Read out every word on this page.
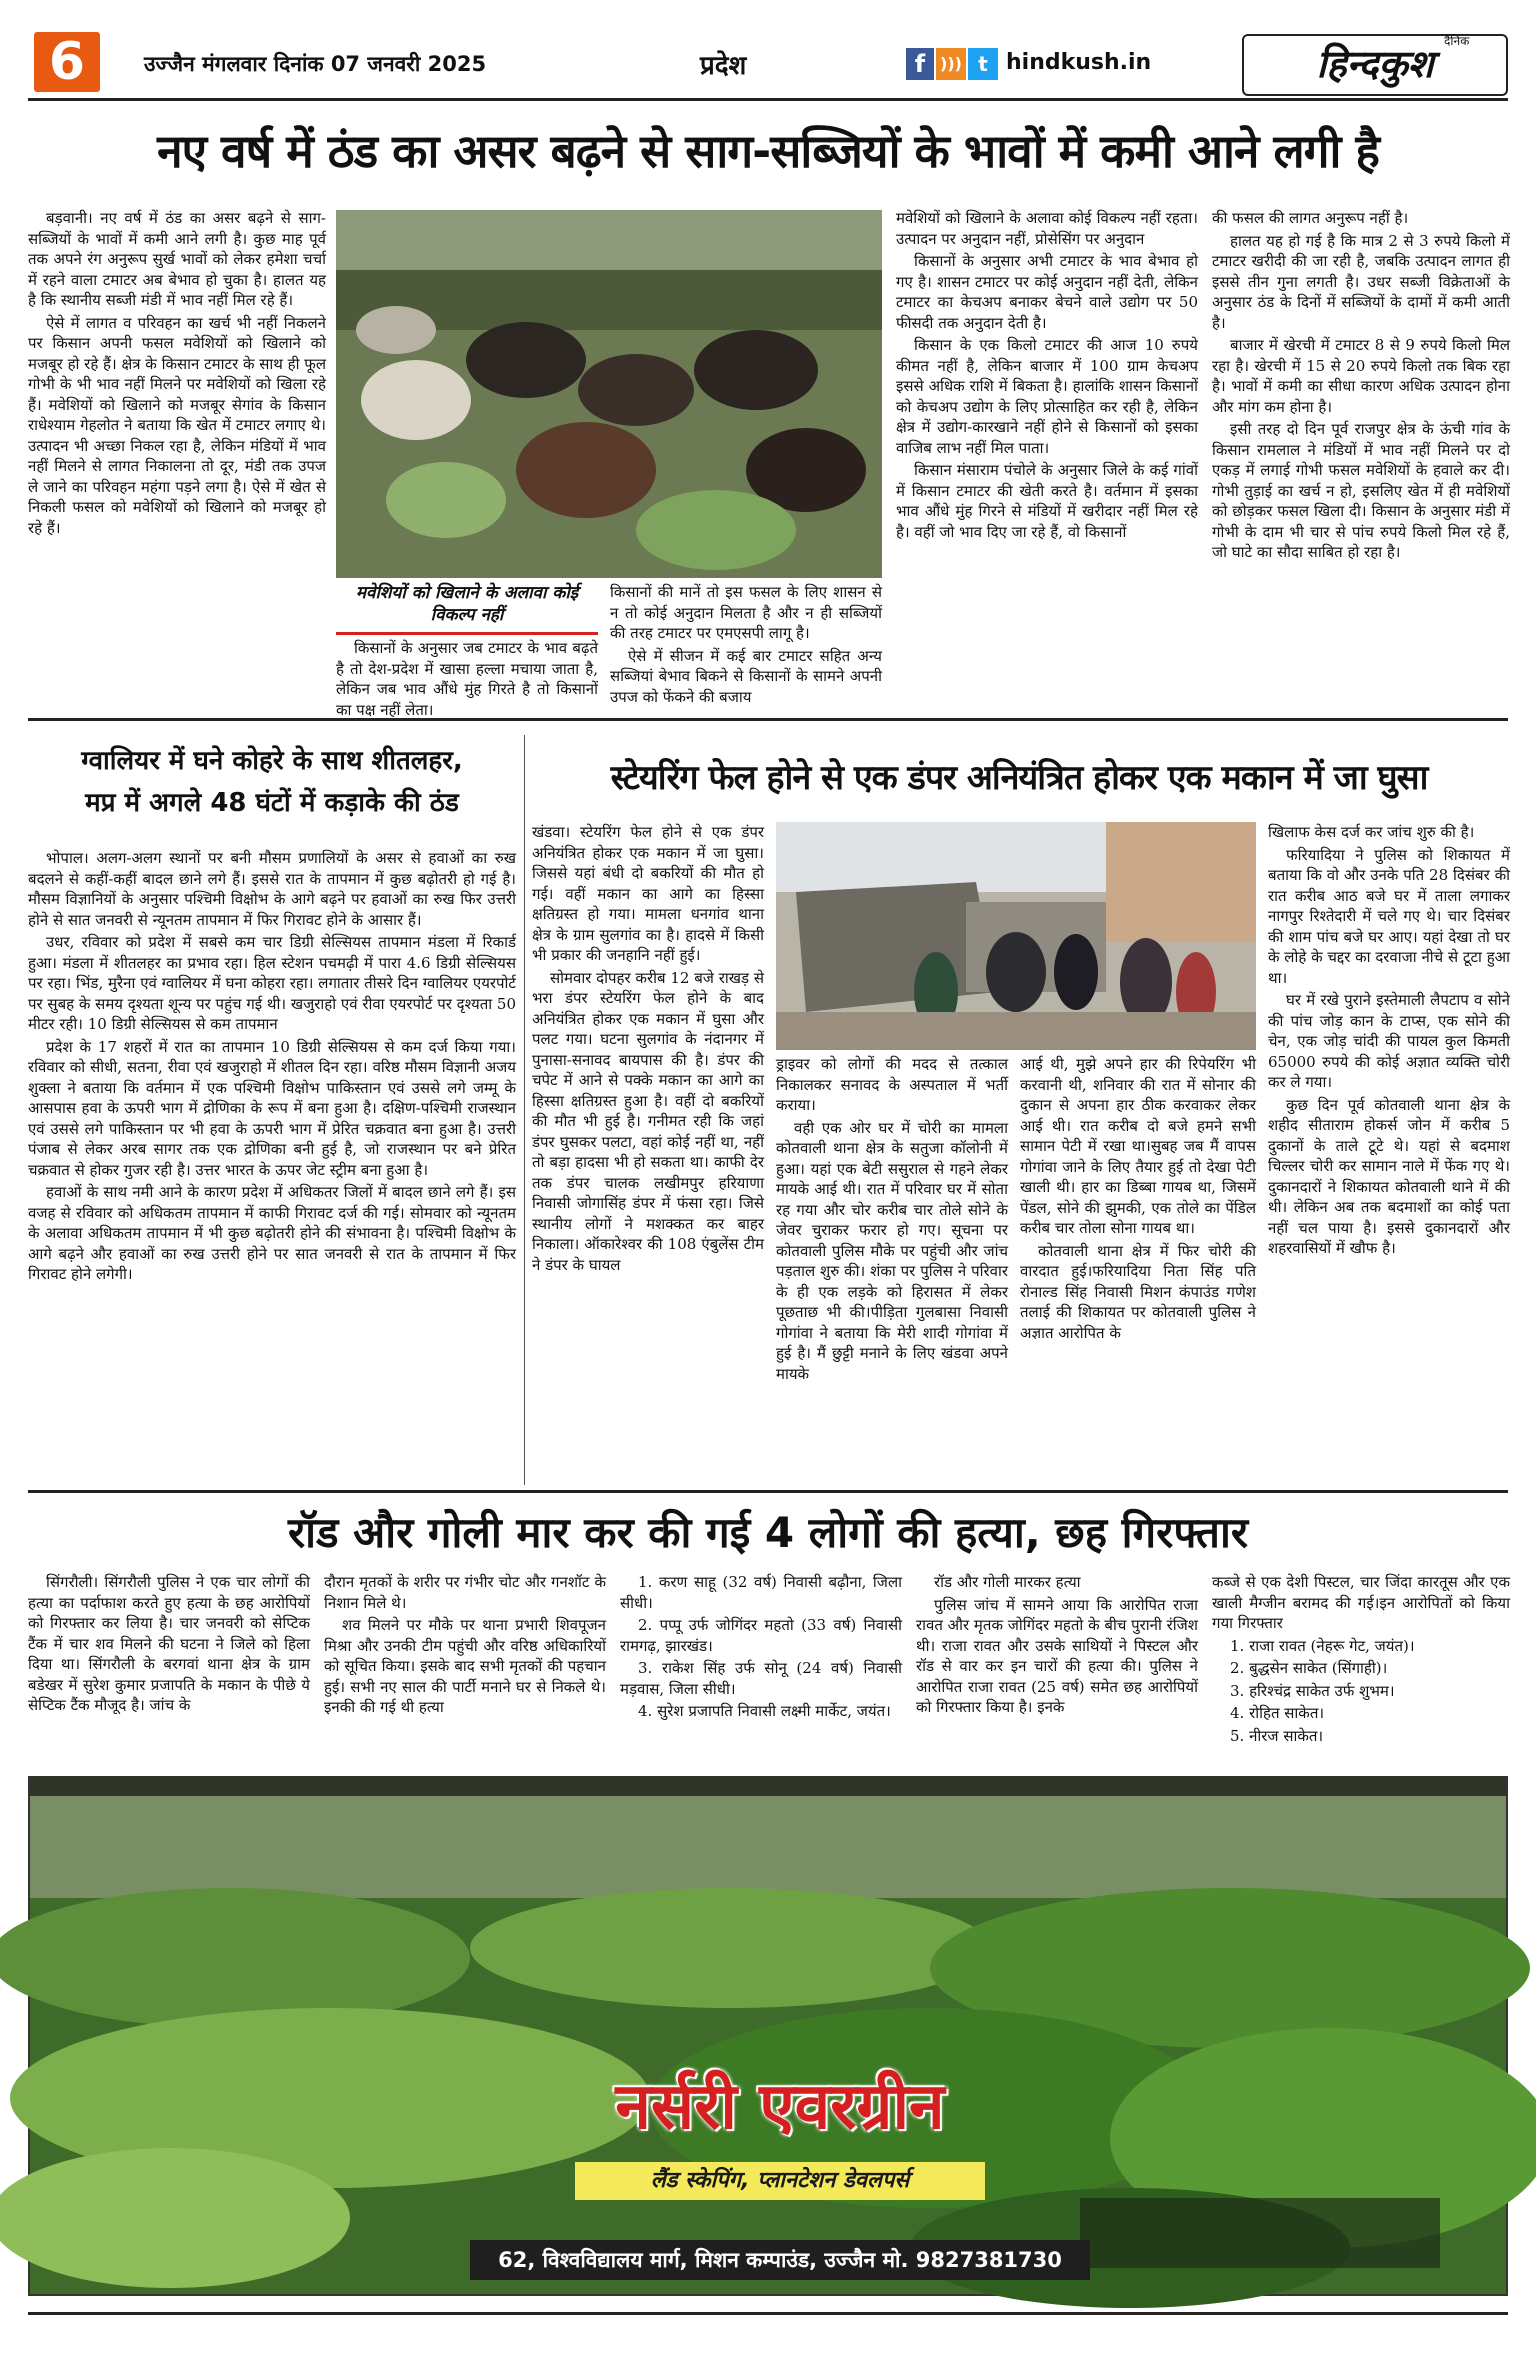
6	उज्जैन मंगलवार दिनांक 07 जनवरी 2025	प्रदेश	f ))) t hindkush.in
दैनिक
हिन्दकुश
नए वर्ष में ठंड का असर बढ़ने से साग-सब्जियों के भावों में कमी आने लगी है

बड़वानी। नए वर्ष में ठंड का असर बढ़ने से साग-सब्जियों के भावों में कमी आने लगी है। कुछ माह पूर्व तक अपने रंग अनुरूप सुर्ख भावों को लेकर हमेशा चर्चा में रहने वाला टमाटर अब बेभाव हो चुका है। हालत यह है कि स्थानीय सब्जी मंडी में भाव नहीं मिल रहे हैं।

ऐसे में लागत व परिवहन का खर्च भी नहीं निकलने पर किसान अपनी फसल मवेशियों को खिलाने को मजबूर हो रहे हैं। क्षेत्र के किसान टमाटर के साथ ही फूल गोभी के भी भाव नहीं मिलने पर मवेशियों को खिला रहे हैं। मवेशियों को खिलाने को मजबूर सेगांव के किसान राधेश्याम गेहलोत ने बताया कि खेत में टमाटर लगाए थे। उत्पादन भी अच्छा निकल रहा है, लेकिन मंडियों में भाव नहीं मिलने से लागत निकालना तो दूर, मंडी तक उपज ले जाने का परिवहन महंगा पड़ने लगा है। ऐसे में खेत से निकली फसल को मवेशियों को खिलाने को मजबूर हो रहे हैं।

मवेशियों को खिलाने के अलावा कोई विकल्प नहीं

किसानों के अनुसार जब टमाटर के भाव बढ़ते है तो देश-प्रदेश में खासा हल्ला मचाया जाता है, लेकिन जब भाव औंधे मुंह गिरते है तो किसानों का पक्ष नहीं लेता।

किसानों की मानें तो इस फसल के लिए शासन से न तो कोई अनुदान मिलता है और न ही सब्जियों की तरह टमाटर पर एमएसपी लागू है।

ऐसे में सीजन में कई बार टमाटर सहित अन्य सब्जियां बेभाव बिकने से किसानों के सामने अपनी उपज को फेंकने की बजाय

मवेशियों को खिलाने के अलावा कोई विकल्प नहीं रहता। उत्पादन पर अनुदान नहीं, प्रोसेसिंग पर अनुदान

किसानों के अनुसार अभी टमाटर के भाव बेभाव हो गए है। शासन टमाटर पर कोई अनुदान नहीं देती, लेकिन टमाटर का केचअप बनाकर बेचने वाले उद्योग पर 50 फीसदी तक अनुदान देती है।

किसान के एक किलो टमाटर की आज 10 रुपये कीमत नहीं है, लेकिन बाजार में 100 ग्राम केचअप इससे अधिक राशि में बिकता है। हालांकि शासन किसानों को केचअप उद्योग के लिए प्रोत्साहित कर रही है, लेकिन क्षेत्र में उद्योग-कारखाने नहीं होने से किसानों को इसका वाजिब लाभ नहीं मिल पाता।

किसान मंसाराम पंचोले के अनुसार जिले के कई गांवों में किसान टमाटर की खेती करते है। वर्तमान में इसका भाव औंधे मुंह गिरने से मंडियों में खरीदार नहीं मिल रहे है। वहीं जो भाव दिए जा रहे हैं, वो किसानों

की फसल की लागत अनुरूप नहीं है।

हालत यह हो गई है कि मात्र 2 से 3 रुपये किलो में टमाटर खरीदी की जा रही है, जबकि उत्पादन लागत ही इससे तीन गुना लगती है। उधर सब्जी विक्रेताओं के अनुसार ठंड के दिनों में सब्जियों के दामों में कमी आती है।

बाजार में खेरची में टमाटर 8 से 9 रुपये किलो मिल रहा है। खेरची में 15 से 20 रुपये किलो तक बिक रहा है। भावों में कमी का सीधा कारण अधिक उत्पादन होना और मांग कम होना है।

इसी तरह दो दिन पूर्व राजपुर क्षेत्र के ऊंची गांव के किसान रामलाल ने मंडियों में भाव नहीं मिलने पर दो एकड़ में लगाई गोभी फसल मवेशियों के हवाले कर दी। गोभी तुड़ाई का खर्च न हो, इसलिए खेत में ही मवेशियों को छोड़कर फसल खिला दी। किसान के अनुसार मंडी में गोभी के दाम भी चार से पांच रुपये किलो मिल रहे हैं, जो घाटे का सौदा साबित हो रहा है।

ग्वालियर में घने कोहरे के साथ शीतलहर,
मप्र में अगले 48 घंटों में कड़ाके की ठंड

भोपाल। अलग-अलग स्थानों पर बनी मौसम प्रणालियों के असर से हवाओं का रुख बदलने से कहीं-कहीं बादल छाने लगे हैं। इससे रात के तापमान में कुछ बढ़ोतरी हो गई है। मौसम विज्ञानियों के अनुसार पश्चिमी विक्षोभ के आगे बढ़ने पर हवाओं का रुख फिर उत्तरी होने से सात जनवरी से न्यूनतम तापमान में फिर गिरावट होने के आसार हैं।

उधर, रविवार को प्रदेश में सबसे कम चार डिग्री सेल्सियस तापमान मंडला में रिकार्ड हुआ। मंडला में शीतलहर का प्रभाव रहा। हिल स्टेशन पचमढ़ी में पारा 4.6 डिग्री सेल्सियस पर रहा। भिंड, मुरैना एवं ग्वालियर में घना कोहरा रहा। लगातार तीसरे दिन ग्वालियर एयरपोर्ट पर सुबह के समय दृश्यता शून्य पर पहुंच गई थी। खजुराहो एवं रीवा एयरपोर्ट पर दृश्यता 50 मीटर रही। 10 डिग्री सेल्सियस से कम तापमान

प्रदेश के 17 शहरों में रात का तापमान 10 डिग्री सेल्सियस से कम दर्ज किया गया। रविवार को सीधी, सतना, रीवा एवं खजुराहो में शीतल दिन रहा। वरिष्ठ मौसम विज्ञानी अजय शुक्ला ने बताया कि वर्तमान में एक पश्चिमी विक्षोभ पाकिस्तान एवं उससे लगे जम्मू के आसपास हवा के ऊपरी भाग में द्रोणिका के रूप में बना हुआ है। दक्षिण-पश्चिमी राजस्थान एवं उससे लगे पाकिस्तान पर भी हवा के ऊपरी भाग में प्रेरित चक्रवात बना हुआ है। उत्तरी पंजाब से लेकर अरब सागर तक एक द्रोणिका बनी हुई है, जो राजस्थान पर बने प्रेरित चक्रवात से होकर गुजर रही है। उत्तर भारत के ऊपर जेट स्ट्रीम बना हुआ है।

हवाओं के साथ नमी आने के कारण प्रदेश में अधिकतर जिलों में बादल छाने लगे हैं। इस वजह से रविवार को अधिकतम तापमान में काफी गिरावट दर्ज की गई। सोमवार को न्यूनतम के अलावा अधिकतम तापमान में भी कुछ बढ़ोतरी होने की संभावना है। पश्चिमी विक्षोभ के आगे बढ़ने और हवाओं का रुख उत्तरी होने पर सात जनवरी से रात के तापमान में फिर गिरावट होने लगेगी।

स्टेयरिंग फेल होने से एक डंपर अनियंत्रित होकर एक मकान में जा घुसा

खंडवा। स्टेयरिंग फेल होने से एक डंपर अनियंत्रित होकर एक मकान में जा घुसा। जिससे यहां बंधी दो बकरियों की मौत हो गई। वहीं मकान का आगे का हिस्सा क्षतिग्रस्त हो गया। मामला धनगांव थाना क्षेत्र के ग्राम सुलगांव का है। हादसे में किसी भी प्रकार की जनहानि नहीं हुई।

सोमवार दोपहर करीब 12 बजे राखड़ से भरा डंपर स्टेयरिंग फेल होने के बाद अनियंत्रित होकर एक मकान में घुसा और पलट गया। घटना सुलगांव के नंदानगर में पुनासा-सनावद बायपास की है। डंपर की चपेट में आने से पक्के मकान का आगे का हिस्सा क्षतिग्रस्त हुआ है। वहीं दो बकरियों की मौत भी हुई है। गनीमत रही कि जहां डंपर घुसकर पलटा, वहां कोई नहीं था, नहीं तो बड़ा हादसा भी हो सकता था। काफी देर तक डंपर चालक लखीमपुर हरियाणा निवासी जोगासिंह डंपर में फंसा रहा। जिसे स्थानीय लोगों ने मशक्कत कर बाहर निकाला। ऑकारेश्वर की 108 एंबुलेंस टीम ने डंपर के घायल

ड्राइवर को लोगों की मदद से तत्काल निकालकर सनावद के अस्पताल में भर्ती कराया।

वही एक ओर घर में चोरी का मामला कोतवाली थाना क्षेत्र के सतुजा कॉलोनी में हुआ। यहां एक बेटी ससुराल से गहने लेकर मायके आई थी। रात में परिवार घर में सोता रह गया और चोर करीब चार तोले सोने के जेवर चुराकर फरार हो गए। सूचना पर कोतवाली पुलिस मौके पर पहुंची और जांच पड़ताल शुरु की। शंका पर पुलिस ने परिवार के ही एक लड़के को हिरासत में लेकर पूछताछ भी की।पीड़िता गुलबासा निवासी गोगांवा ने बताया कि मेरी शादी गोगांवा में हुई है। मैं छुट्टी मनाने के लिए खंडवा अपने मायके

आई थी, मुझे अपने हार की रिपेयरिंग भी करवानी थी, शनिवार की रात में सोनार की दुकान से अपना हार ठीक करवाकर लेकर आई थी। रात करीब दो बजे हमने सभी सामान पेटी में रखा था।सुबह जब मैं वापस गोगांवा जाने के लिए तैयार हुई तो देखा पेटी खाली थी। हार का डिब्बा गायब था, जिसमें पेंडल, सोने की झुमकी, एक तोले का पेंडिल करीब चार तोला सोना गायब था।

कोतवाली थाना क्षेत्र में फिर चोरी की वारदात हुई।फरियादिया निता सिंह पति रोनाल्ड सिंह निवासी मिशन कंपाउंड गणेश तलाई की शिकायत पर कोतवाली पुलिस ने अज्ञात आरोपित के

खिलाफ केस दर्ज कर जांच शुरु की है।

फरियादिया ने पुलिस को शिकायत में बताया कि वो और उनके पति 28 दिसंबर की रात करीब आठ बजे घर में ताला लगाकर नागपुर रिश्तेदारी में चले गए थे। चार दिसंबर की शाम पांच बजे घर आए। यहां देखा तो घर के लोहे के चद्दर का दरवाजा नीचे से टूटा हुआ था।

घर में रखे पुराने इस्तेमाली लैपटाप व सोने की पांच जोड़ कान के टाप्स, एक सोने की चेन, एक जोड़ चांदी की पायल कुल किमती 65000 रुपये की कोई अज्ञात व्यक्ति चोरी कर ले गया।

कुछ दिन पूर्व कोतवाली थाना क्षेत्र के शहीद सीताराम होकर्स जोन में करीब 5 दुकानों के ताले टूटे थे। यहां से बदमाश चिल्लर चोरी कर सामान नाले में फेंक गए थे। दुकानदारों ने शिकायत कोतवाली थाने में की थी। लेकिन अब तक बदमाशों का कोई पता नहीं चल पाया है। इससे दुकानदारों और शहरवासियों में खौफ है।

रॉड और गोली मार कर की गई 4 लोगों की हत्या, छह गिरफ्तार

सिंगरौली। सिंगरौली पुलिस ने एक चार लोगों की हत्या का पर्दाफाश करते हुए हत्या के छह आरोपियों को गिरफ्तार कर लिया है। चार जनवरी को सेप्टिक टैंक में चार शव मिलने की घटना ने जिले को हिला दिया था। सिंगरौली के बरगवां थाना क्षेत्र के ग्राम बडेखर में सुरेश कुमार प्रजापति के मकान के पीछे ये सेप्टिक टैंक मौजूद है। जांच के

दौरान मृतकों के शरीर पर गंभीर चोट और गनशॉट के निशान मिले थे।

शव मिलने पर मौके पर थाना प्रभारी शिवपूजन मिश्रा और उनकी टीम पहुंची और वरिष्ठ अधिकारियों को सूचित किया। इसके बाद सभी मृतकों की पहचान हुई। सभी नए साल की पार्टी मनाने घर से निकले थे। इनकी की गई थी हत्या

1. करण साहू (32 वर्ष) निवासी बढ़ौना, जिला सीधी।

2. पप्पू उर्फ जोगिंदर महतो (33 वर्ष) निवासी रामगढ़, झारखंड।

3. राकेश सिंह उर्फ सोनू (24 वर्ष) निवासी मड़वास, जिला सीधी।

4. सुरेश प्रजापति निवासी लक्ष्मी मार्केट, जयंत।

रॉड और गोली मारकर हत्या

पुलिस जांच में सामने आया कि आरोपित राजा रावत और मृतक जोगिंदर महतो के बीच पुरानी रंजिश थी। राजा रावत और उसके साथियों ने पिस्टल और रॉड से वार कर इन चारों की हत्या की। पुलिस ने आरोपित राजा रावत (25 वर्ष) समेत छह आरोपियों को गिरफ्तार किया है। इनके

कब्जे से एक देशी पिस्टल, चार जिंदा कारतूस और एक खाली मैग्जीन बरामद की गई।इन आरोपितों को किया गया गिरफ्तार

1. राजा रावत (नेहरू गेट, जयंत)।

2. बुद्धसेन साकेत (सिंगाही)।

3. हरिश्चंद्र साकेत उर्फ शुभम।

4. रोहित साकेत।

5. नीरज साकेत।

नर्सरी एवरग्रीन
लैंड स्केपिंग, प्लानटेशन डेवलपर्स
62, विश्वविद्यालय मार्ग, मिशन कम्पाउंड, उज्जैन मो. 9827381730
